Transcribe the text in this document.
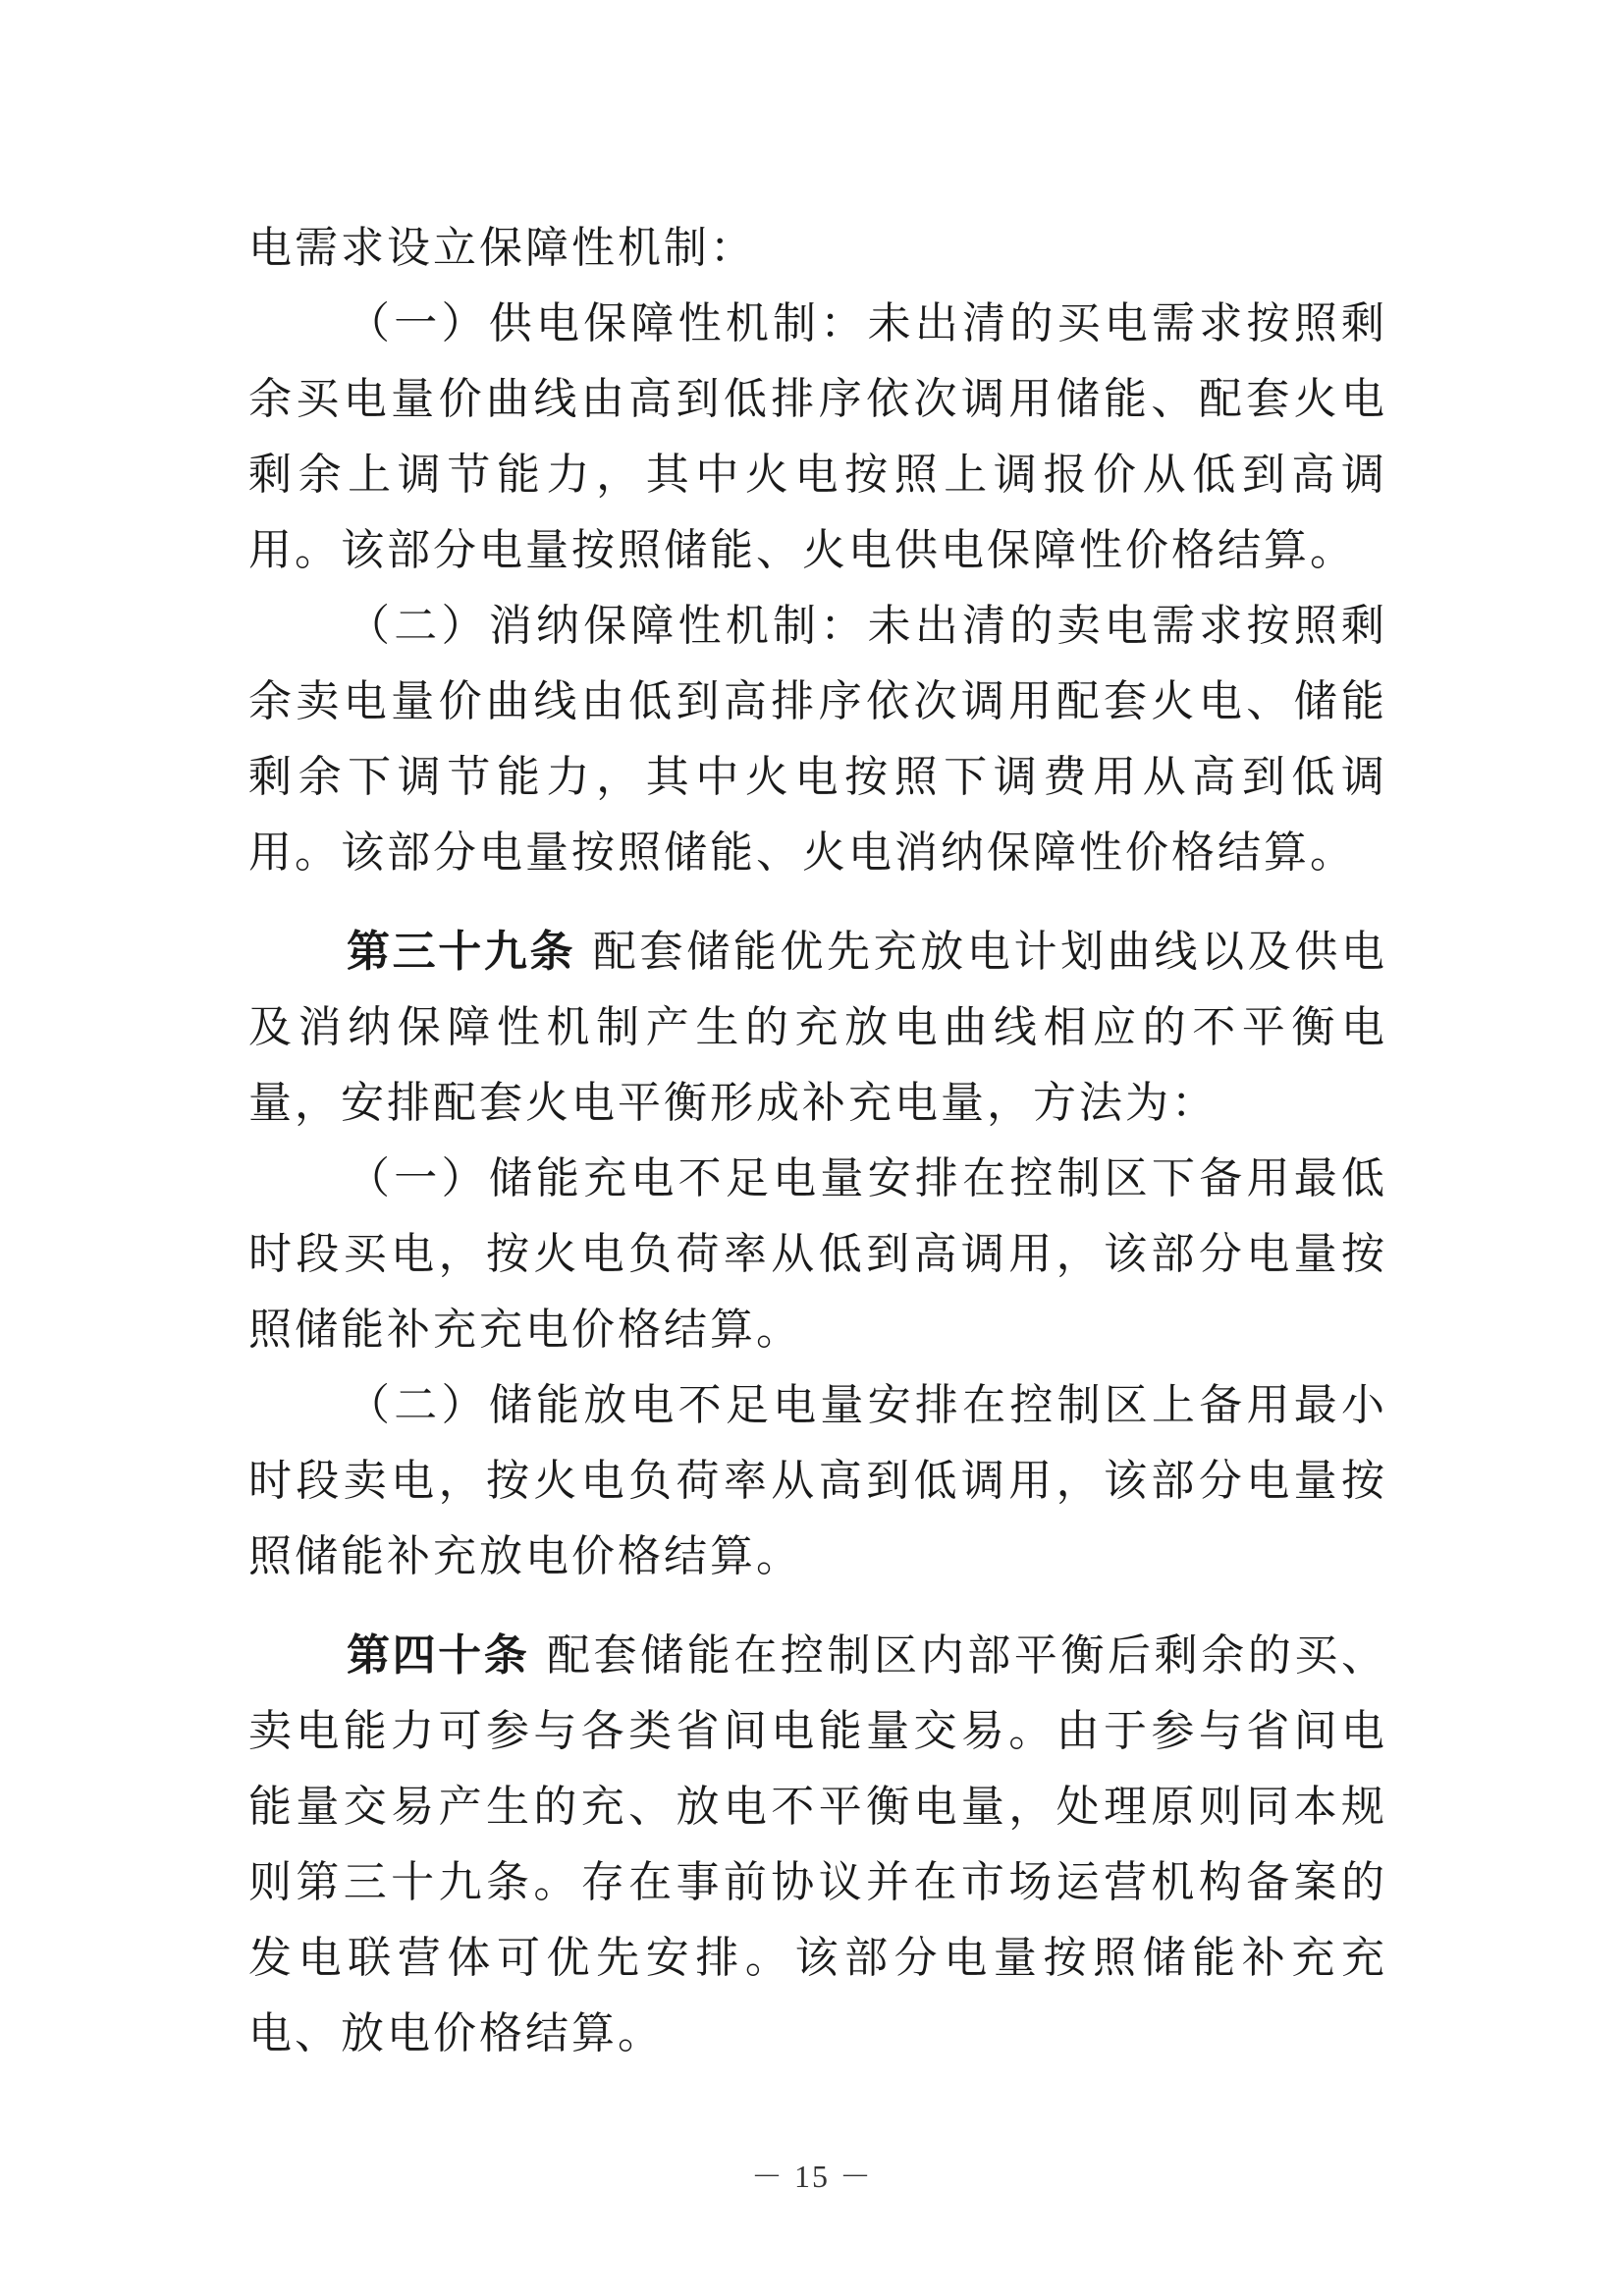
电需求设立保障性机制：

（一）供电保障性机制：未出清的买电需求按照剩余买电量价曲线由高到低排序依次调用储能、配套火电剩余上调节能力，其中火电按照上调报价从低到高调用。该部分电量按照储能、火电供电保障性价格结算。

（二）消纳保障性机制：未出清的卖电需求按照剩余卖电量价曲线由低到高排序依次调用配套火电、储能剩余下调节能力，其中火电按照下调费用从高到低调用。该部分电量按照储能、火电消纳保障性价格结算。

第三十九条 配套储能优先充放电计划曲线以及供电及消纳保障性机制产生的充放电曲线相应的不平衡电量，安排配套火电平衡形成补充电量，方法为：

（一）储能充电不足电量安排在控制区下备用最低时段买电，按火电负荷率从低到高调用，该部分电量按照储能补充充电价格结算。

（二）储能放电不足电量安排在控制区上备用最小时段卖电，按火电负荷率从高到低调用，该部分电量按照储能补充放电价格结算。

第四十条 配套储能在控制区内部平衡后剩余的买、卖电能力可参与各类省间电能量交易。由于参与省间电能量交易产生的充、放电不平衡电量，处理原则同本规则第三十九条。存在事前协议并在市场运营机构备案的发电联营体可优先安排。该部分电量按照储能补充充电、放电价格结算。

－ 15 －
